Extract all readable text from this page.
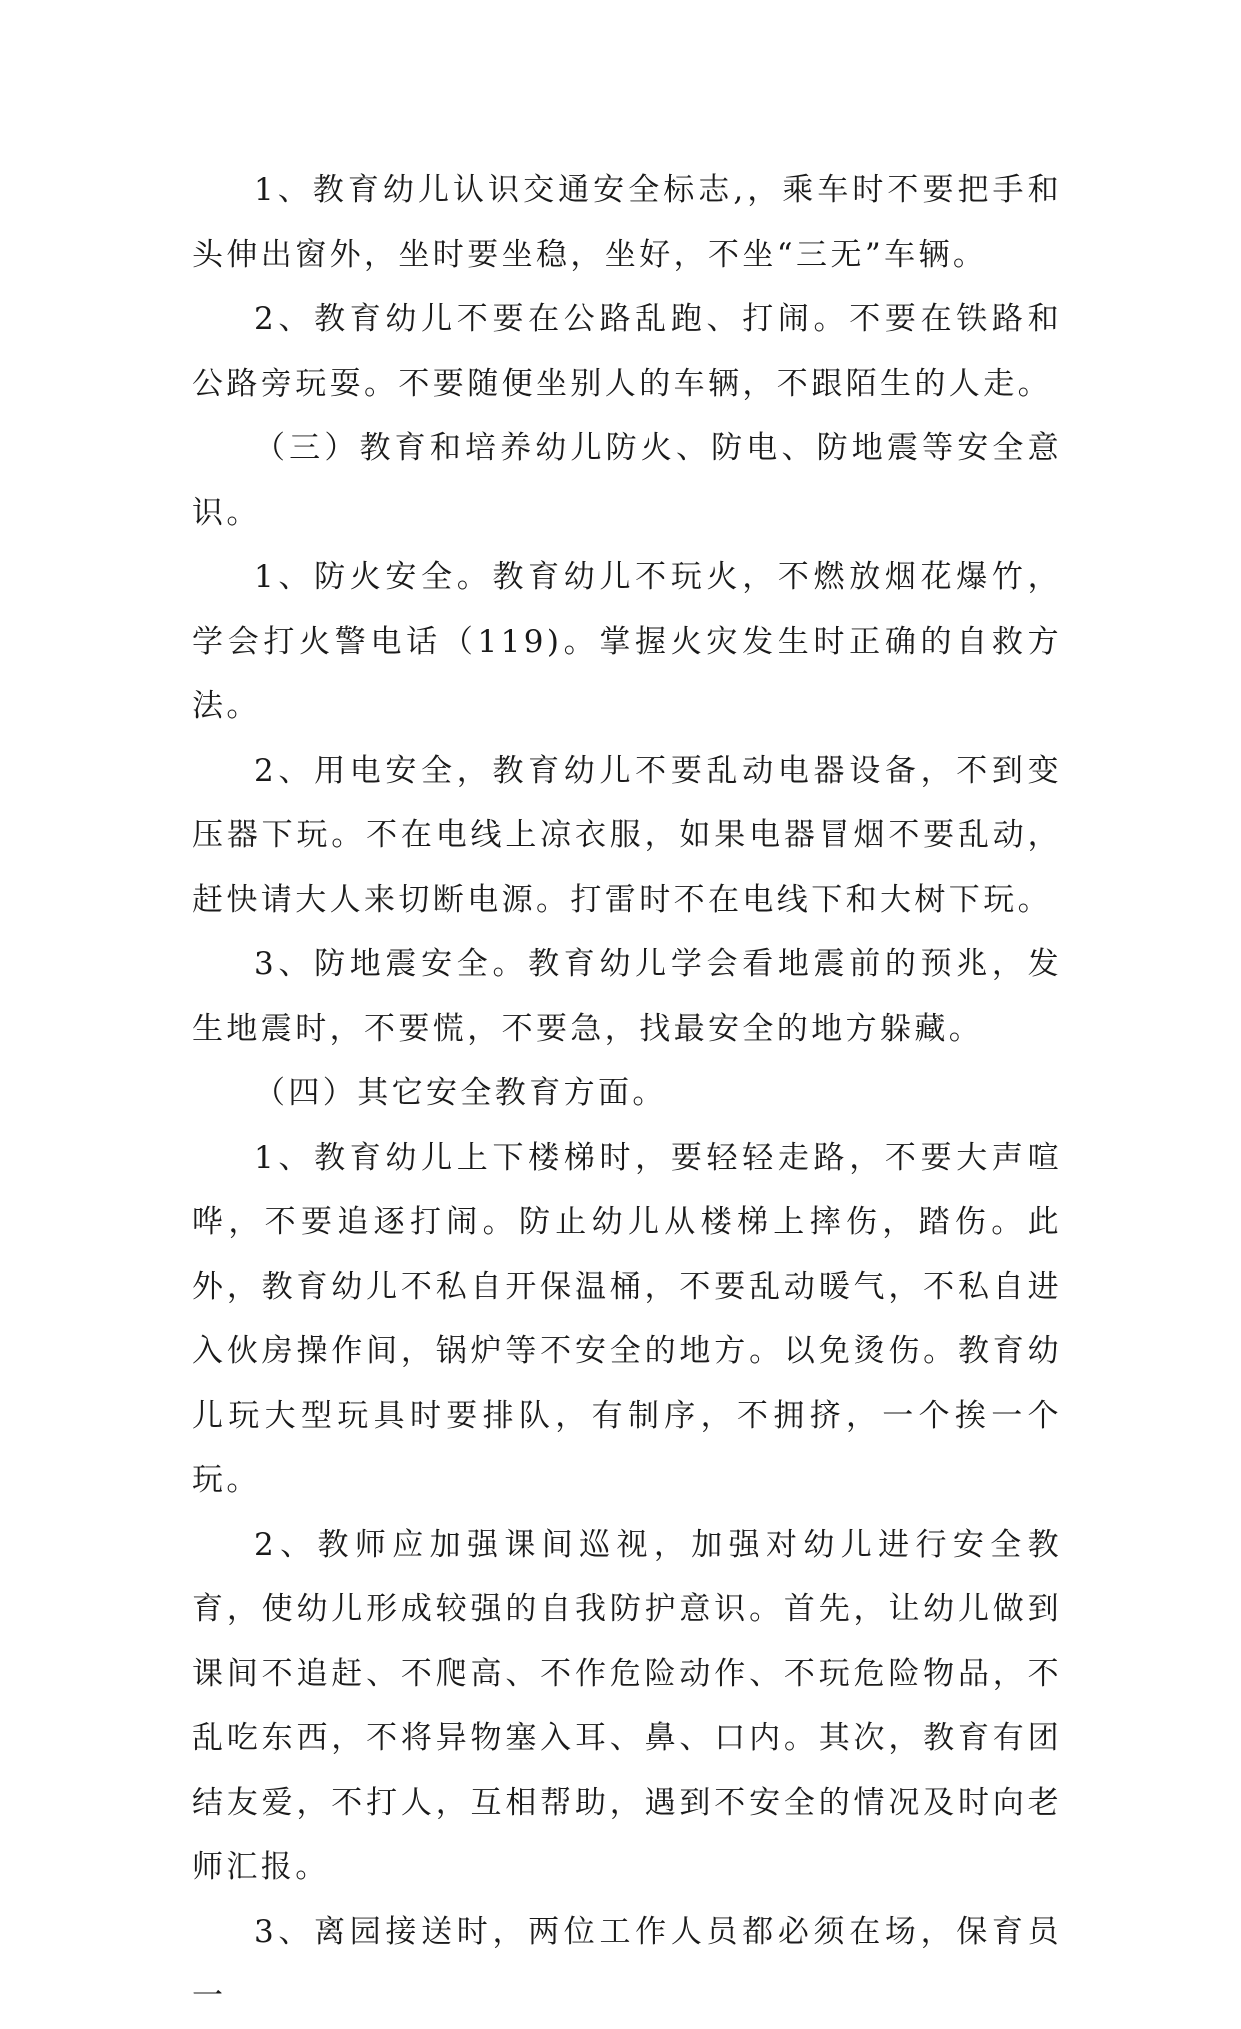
1、教育幼儿认识交通安全标志,，乘车时不要把手和头伸出窗外，坐时要坐稳，坐好，不坐“三无”车辆。

2、教育幼儿不要在公路乱跑、打闹。不要在铁路和公路旁玩耍。不要随便坐别人的车辆，不跟陌生的人走。

（三）教育和培养幼儿防火、防电、防地震等安全意识。

1、防火安全。教育幼儿不玩火，不燃放烟花爆竹，学会打火警电话（119)。掌握火灾发生时正确的自救方法。

2、用电安全，教育幼儿不要乱动电器设备，不到变压器下玩。不在电线上凉衣服，如果电器冒烟不要乱动，赶快请大人来切断电源。打雷时不在电线下和大树下玩。

3、防地震安全。教育幼儿学会看地震前的预兆，发生地震时，不要慌，不要急，找最安全的地方躲藏。

（四）其它安全教育方面。

1、教育幼儿上下楼梯时，要轻轻走路，不要大声喧哗，不要追逐打闹。防止幼儿从楼梯上摔伤，踏伤。此外，教育幼儿不私自开保温桶，不要乱动暖气，不私自进入伙房操作间，锅炉等不安全的地方。以免烫伤。教育幼儿玩大型玩具时要排队，有制序，不拥挤，一个挨一个玩。

2、教师应加强课间巡视，加强对幼儿进行安全教育，使幼儿形成较强的自我防护意识。首先，让幼儿做到课间不追赶、不爬高、不作危险动作、不玩危险物品，不乱吃东西，不将异物塞入耳、鼻、口内。其次，教育有团结友爱，不打人，互相帮助，遇到不安全的情况及时向老师汇报。

3、离园接送时，两位工作人员都必须在场，保育员一
